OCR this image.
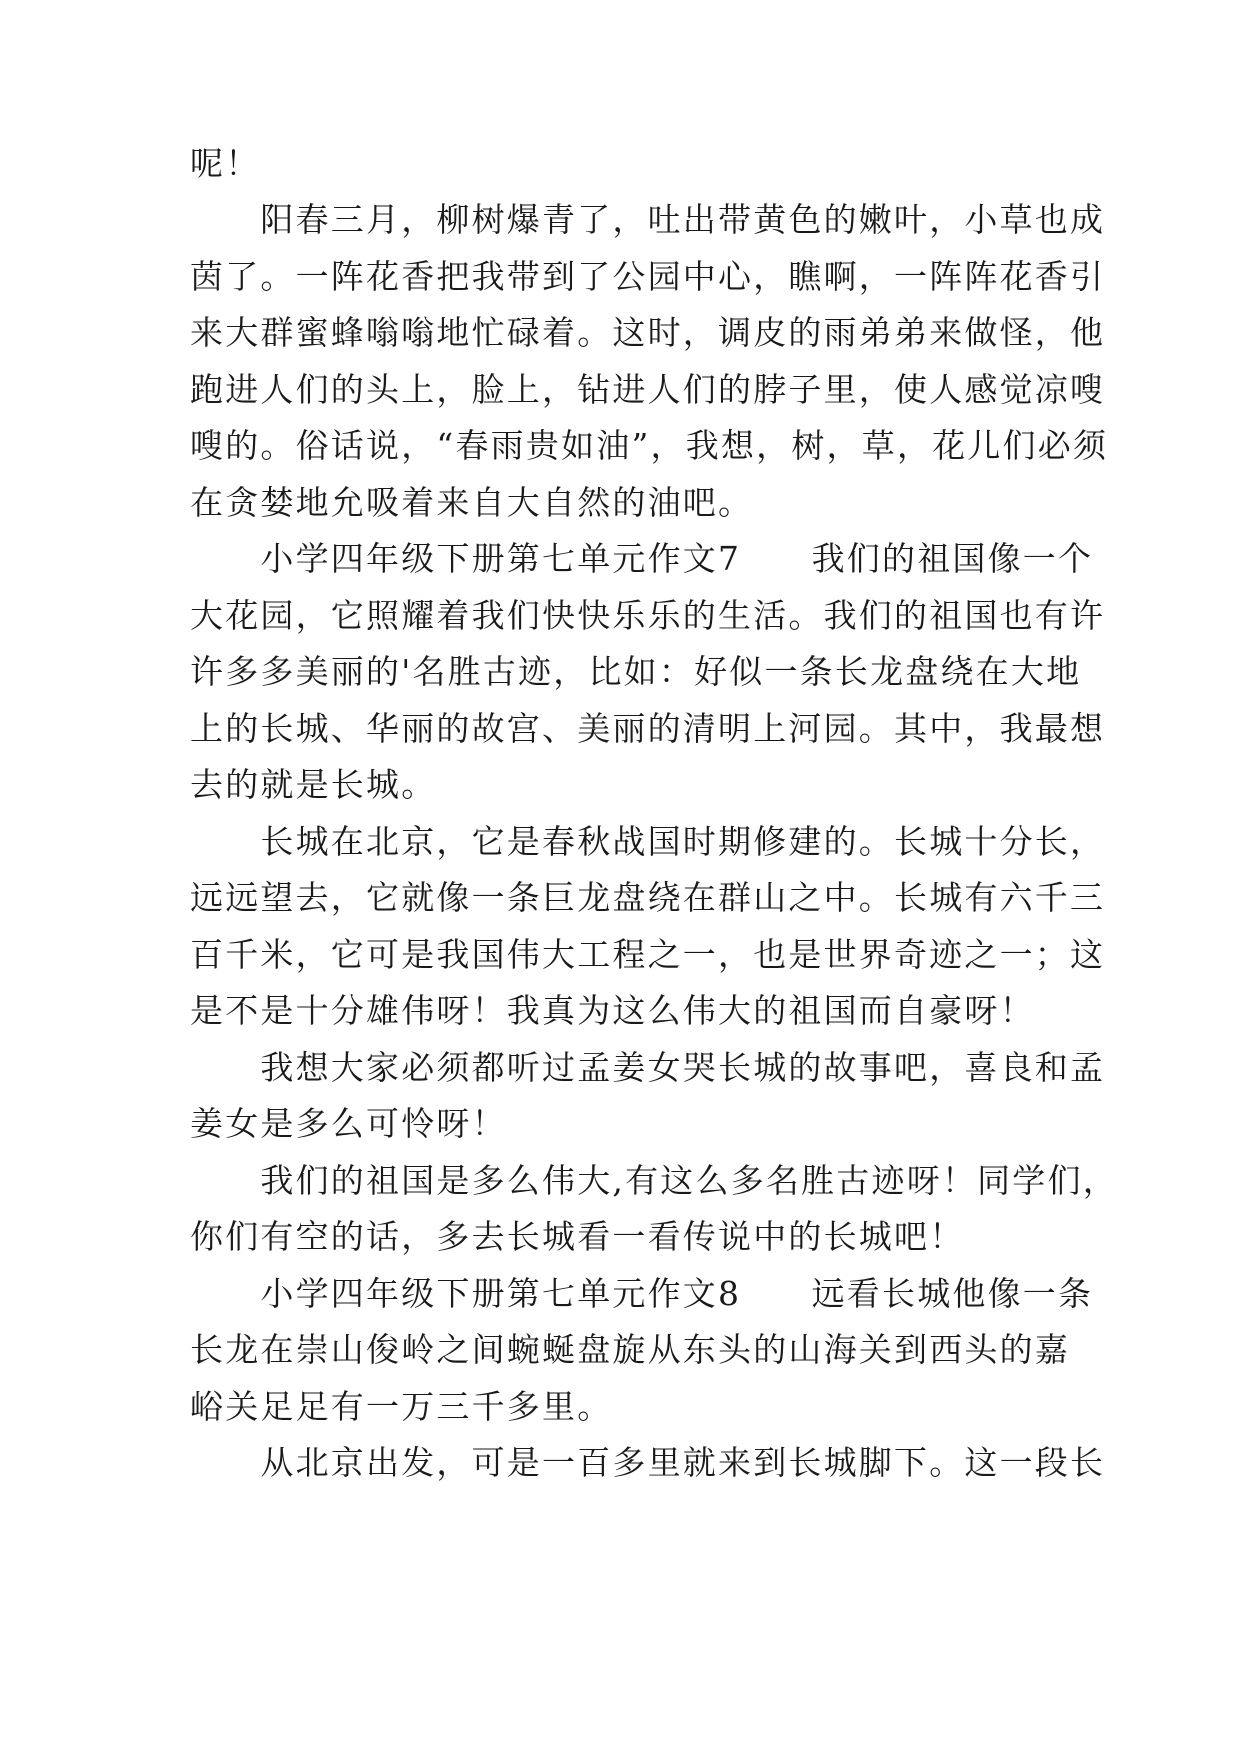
呢！
　　阳春三月，柳树爆青了，吐出带黄色的嫩叶，小草也成
茵了。一阵花香把我带到了公园中心，瞧啊，一阵阵花香引
来大群蜜蜂嗡嗡地忙碌着。这时，调皮的雨弟弟来做怪，他
跑进人们的头上，脸上，钻进人们的脖子里，使人感觉凉嗖
嗖的。俗话说，“春雨贵如油”，我想，树，草，花儿们必须
在贪婪地允吸着来自大自然的油吧。
　　小学四年级下册第七单元作文7　　我们的祖国像一个
大花园，它照耀着我们快快乐乐的生活。我们的祖国也有许
许多多美丽的'名胜古迹，比如：好似一条长龙盘绕在大地
上的长城、华丽的故宫、美丽的清明上河园。其中，我最想
去的就是长城。
　　长城在北京，它是春秋战国时期修建的。长城十分长，
远远望去，它就像一条巨龙盘绕在群山之中。长城有六千三
百千米，它可是我国伟大工程之一，也是世界奇迹之一；这
是不是十分雄伟呀！我真为这么伟大的祖国而自豪呀！
　　我想大家必须都听过孟姜女哭长城的故事吧，喜良和孟
姜女是多么可怜呀！
　　我们的祖国是多么伟大,有这么多名胜古迹呀！同学们，
你们有空的话，多去长城看一看传说中的长城吧！
　　小学四年级下册第七单元作文8　　远看长城他像一条
长龙在崇山俊岭之间蜿蜒盘旋从东头的山海关到西头的嘉
峪关足足有一万三千多里。
　　从北京出发，可是一百多里就来到长城脚下。这一段长
